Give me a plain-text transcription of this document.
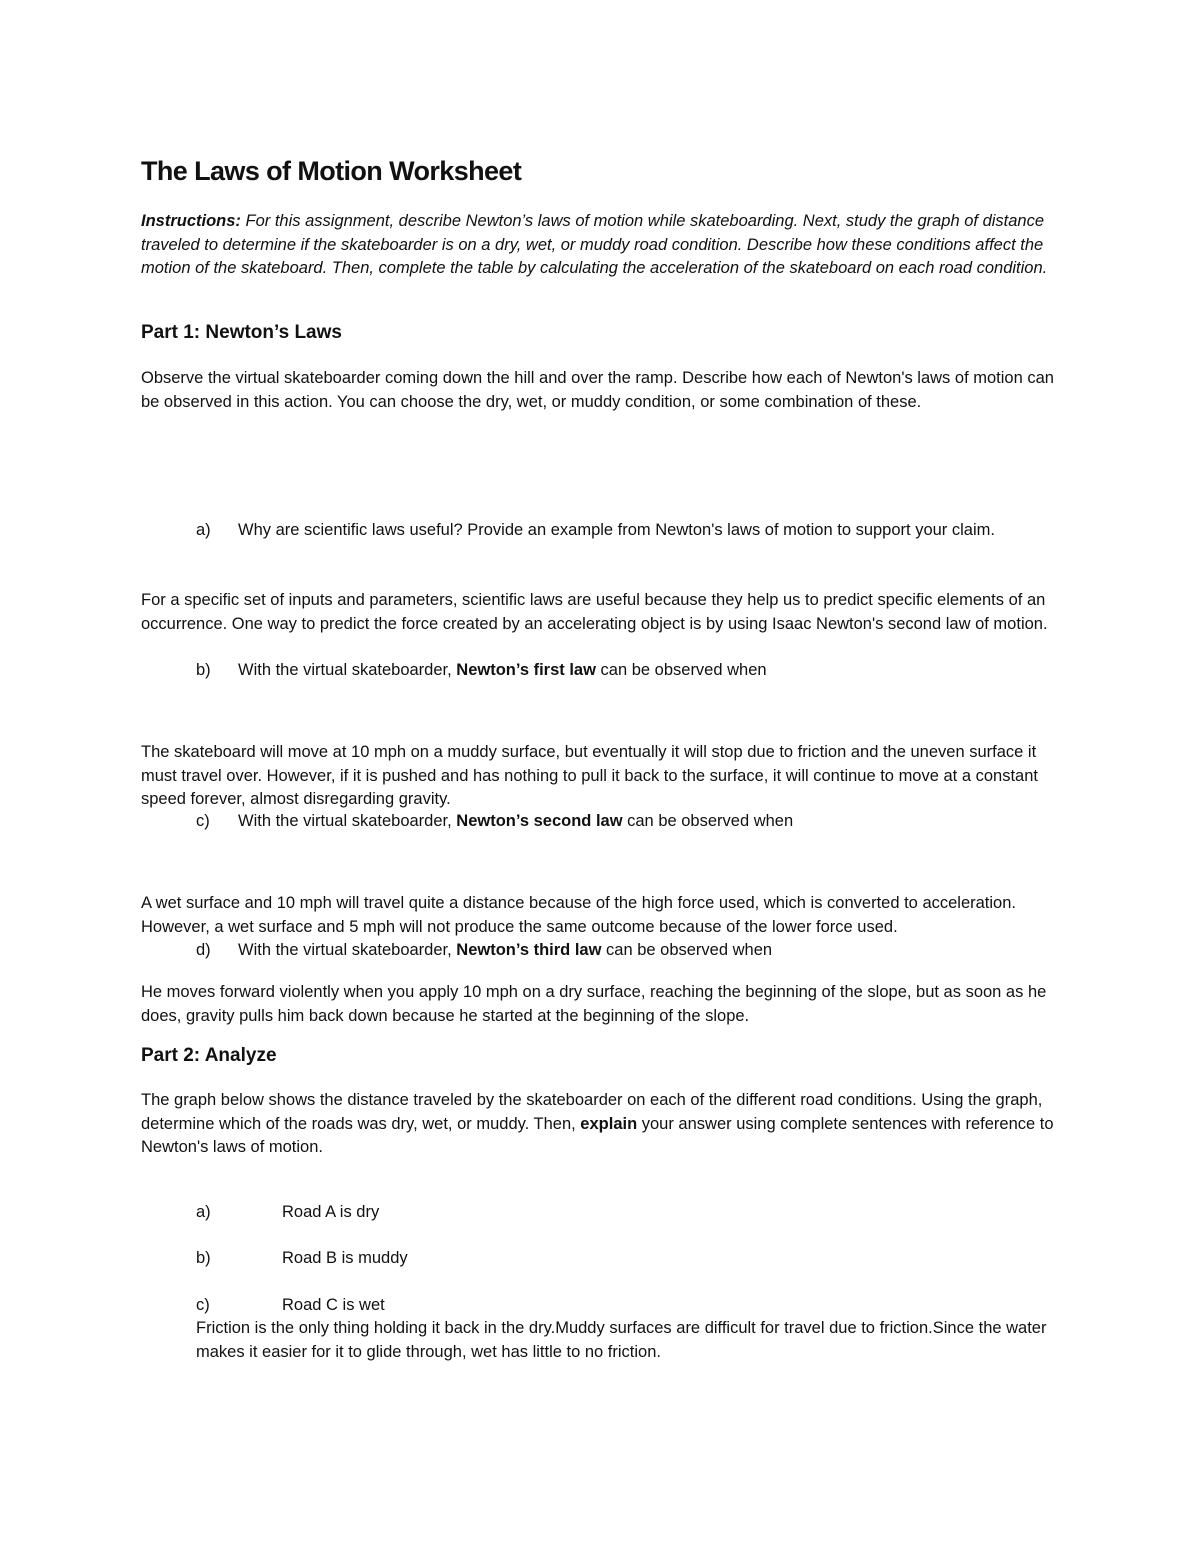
The Laws of Motion Worksheet
Instructions: For this assignment, describe Newton’s laws of motion while skateboarding. Next, study the graph of distance traveled to determine if the skateboarder is on a dry, wet, or muddy road condition. Describe how these conditions affect the motion of the skateboard. Then, complete the table by calculating the acceleration of the skateboard on each road condition.
Part 1: Newton’s Laws
Observe the virtual skateboarder coming down the hill and over the ramp. Describe how each of Newton's laws of motion can be observed in this action. You can choose the dry, wet, or muddy condition, or some combination of these.
a)	Why are scientific laws useful? Provide an example from Newton's laws of motion to support your claim.
For a specific set of inputs and parameters, scientific laws are useful because they help us to predict specific elements of an occurrence. One way to predict the force created by an accelerating object is by using Isaac Newton's second law of motion.
b) With the virtual skateboarder, Newton’s first law can be observed when
The skateboard will move at 10 mph on a muddy surface, but eventually it will stop due to friction and the uneven surface it must travel over. However, if it is pushed and has nothing to pull it back to the surface, it will continue to move at a constant speed forever, almost disregarding gravity.
c) With the virtual skateboarder, Newton’s second law can be observed when
A wet surface and 10 mph will travel quite a distance because of the high force used, which is converted to acceleration. However, a wet surface and 5 mph will not produce the same outcome because of the lower force used.
d) With the virtual skateboarder, Newton’s third law can be observed when
He moves forward violently when you apply 10 mph on a dry surface, reaching the beginning of the slope, but as soon as he does, gravity pulls him back down because he started at the beginning of the slope.
Part 2: Analyze
The graph below shows the distance traveled by the skateboarder on each of the different road conditions. Using the graph, determine which of the roads was dry, wet, or muddy. Then, explain your answer using complete sentences with reference to Newton's laws of motion.
a)	Road A is dry
b)	Road B is muddy
c)	Road C is wet
Friction is the only thing holding it back in the dry.Muddy surfaces are difficult for travel due to friction.Since the water makes it easier for it to glide through, wet has little to no friction.
